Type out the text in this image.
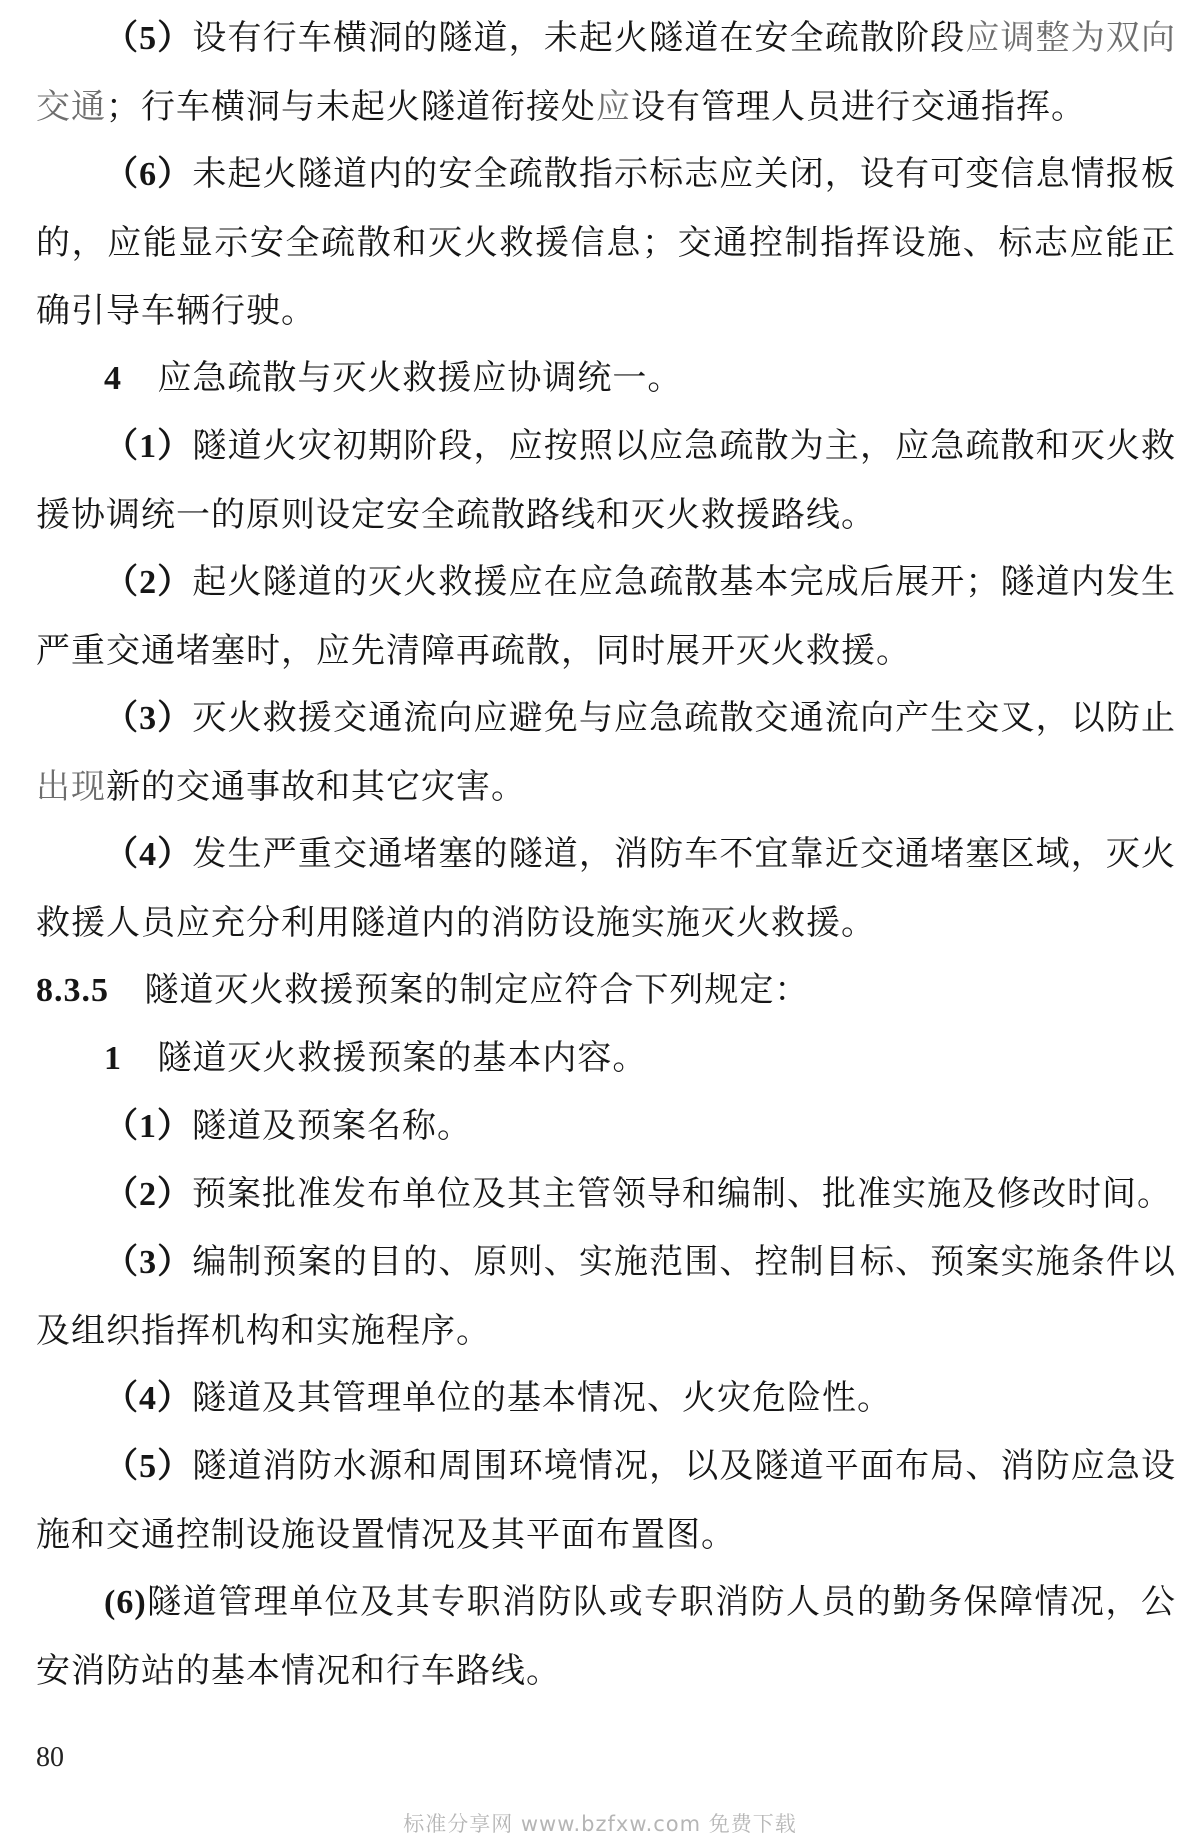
（5）设有行车横洞的隧道，未起火隧道在安全疏散阶段应调整为双向交通；行车横洞与未起火隧道衔接处应设有管理人员进行交通指挥。

（6）未起火隧道内的安全疏散指示标志应关闭，设有可变信息情报板的，应能显示安全疏散和灭火救援信息；交通控制指挥设施、标志应能正确引导车辆行驶。

4 应急疏散与灭火救援应协调统一。

（1）隧道火灾初期阶段，应按照以应急疏散为主，应急疏散和灭火救援协调统一的原则设定安全疏散路线和灭火救援路线。

（2）起火隧道的灭火救援应在应急疏散基本完成后展开；隧道内发生严重交通堵塞时，应先清障再疏散，同时展开灭火救援。

（3）灭火救援交通流向应避免与应急疏散交通流向产生交叉，以防止出现新的交通事故和其它灾害。

（4）发生严重交通堵塞的隧道，消防车不宜靠近交通堵塞区域，灭火救援人员应充分利用隧道内的消防设施实施灭火救援。

8.3.5 隧道灭火救援预案的制定应符合下列规定：

1 隧道灭火救援预案的基本内容。

（1）隧道及预案名称。

（2）预案批准发布单位及其主管领导和编制、批准实施及修改时间。

（3）编制预案的目的、原则、实施范围、控制目标、预案实施条件以及组织指挥机构和实施程序。

（4）隧道及其管理单位的基本情况、火灾危险性。

（5）隧道消防水源和周围环境情况，以及隧道平面布局、消防应急设施和交通控制设施设置情况及其平面布置图。

(6)隧道管理单位及其专职消防队或专职消防人员的勤务保障情况，公安消防站的基本情况和行车路线。

80
标准分享网 www.bzfxw.com 免费下载
